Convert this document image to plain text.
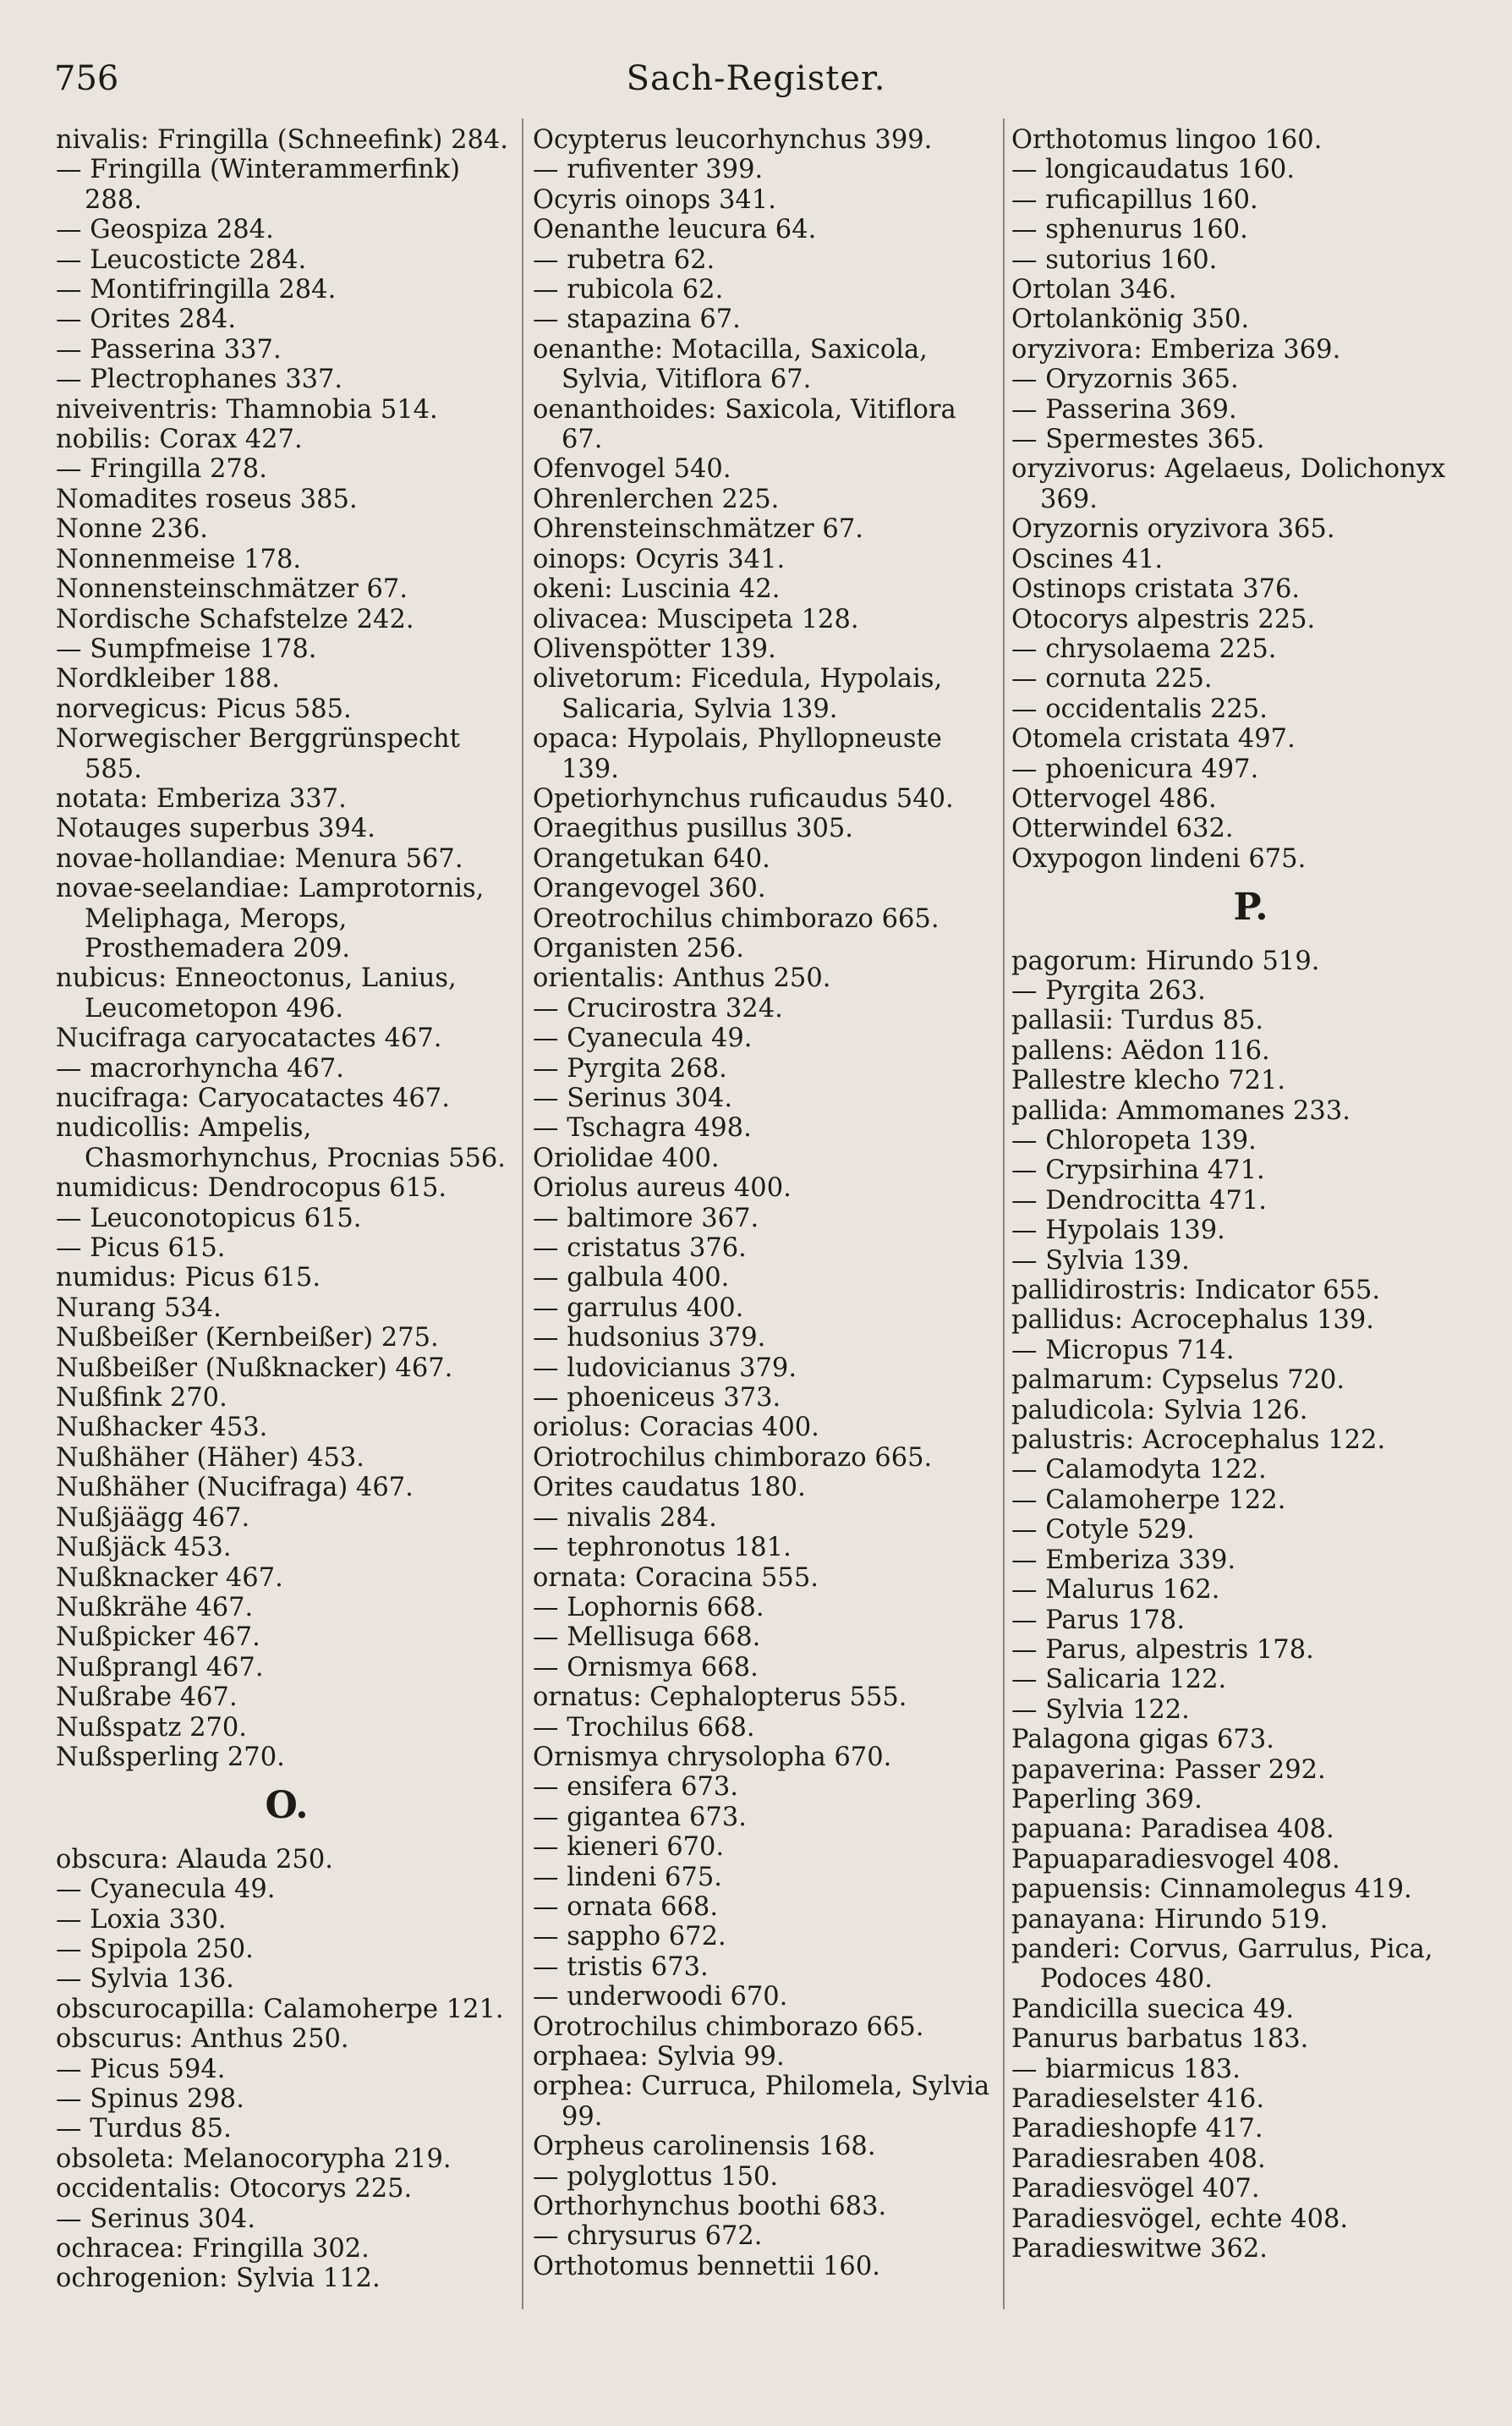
756	Sach-Register.
nivalis: Fringilla (Schneefink) 284.
— Fringilla (Winterammerfink) 288.
— Geospiza 284.
— Leucosticte 284.
— Montifringilla 284.
— Orites 284.
— Passerina 337.
— Plectrophanes 337.
niveiventris: Thamnobia 514.
nobilis: Corax 427.
— Fringilla 278.
Nomadites roseus 385.
Nonne 236.
Nonnenmeise 178.
Nonnensteinschmätzer 67.
Nordische Schafstelze 242.
— Sumpfmeise 178.
Nordkleiber 188.
norvegicus: Picus 585.
Norwegischer Berggrünspecht 585.
notata: Emberiza 337.
Notauges superbus 394.
novae-hollandiae: Menura 567.
novae-seelandiae: Lamprotornis, Meliphaga, Merops, Prosthemadera 209.
nubicus: Enneoctonus, Lanius, Leucometopon 496.
Nucifraga caryocatactes 467.
— macrorhyncha 467.
nucifraga: Caryocatactes 467.
nudicollis: Ampelis, Chasmorhynchus, Procnias 556.
numidicus: Dendrocopus 615.
— Leuconotopicus 615.
— Picus 615.
numidus: Picus 615.
Nurang 534.
Nußbeißer (Kernbeißer) 275.
Nußbeißer (Nußknacker) 467.
Nußfink 270.
Nußhacker 453.
Nußhäher (Häher) 453.
Nußhäher (Nucifraga) 467.
Nußjäägg 467.
Nußjäck 453.
Nußknacker 467.
Nußkrähe 467.
Nußpicker 467.
Nußprangl 467.
Nußrabe 467.
Nußspatz 270.
Nußsperling 270.
O.
obscura: Alauda 250.
— Cyanecula 49.
— Loxia 330.
— Spipola 250.
— Sylvia 136.
obscurocapilla: Calamoherpe 121.
obscurus: Anthus 250.
— Picus 594.
— Spinus 298.
— Turdus 85.
obsoleta: Melanocorypha 219.
occidentalis: Otocorys 225.
— Serinus 304.
ochracea: Fringilla 302.
ochrogenion: Sylvia 112.
Ocypterus leucorhynchus 399.
— rufiventer 399.
Ocyris oinops 341.
Oenanthe leucura 64.
— rubetra 62.
— rubicola 62.
— stapazina 67.
oenanthe: Motacilla, Saxicola, Sylvia, Vitiflora 67.
oenanthoides: Saxicola, Vitiflora 67.
Ofenvogel 540.
Ohrenlerchen 225.
Ohrensteinschmätzer 67.
oinops: Ocyris 341.
okeni: Luscinia 42.
olivacea: Muscipeta 128.
Olivenspötter 139.
olivetorum: Ficedula, Hypolais, Salicaria, Sylvia 139.
opaca: Hypolais, Phyllopneuste 139.
Opetiorhynchus ruficaudus 540.
Oraegithus pusillus 305.
Orangetukan 640.
Orangevogel 360.
Oreotrochilus chimborazo 665.
Organisten 256.
orientalis: Anthus 250.
— Crucirostra 324.
— Cyanecula 49.
— Pyrgita 268.
— Serinus 304.
— Tschagra 498.
Oriolidae 400.
Oriolus aureus 400.
— baltimore 367.
— cristatus 376.
— galbula 400.
— garrulus 400.
— hudsonius 379.
— ludovicianus 379.
— phoeniceus 373.
oriolus: Coracias 400.
Oriotrochilus chimborazo 665.
Orites caudatus 180.
— nivalis 284.
— tephronotus 181.
ornata: Coracina 555.
— Lophornis 668.
— Mellisuga 668.
— Ornismya 668.
ornatus: Cephalopterus 555.
— Trochilus 668.
Ornismya chrysolopha 670.
— ensifera 673.
— gigantea 673.
— kieneri 670.
— lindeni 675.
— ornata 668.
— sappho 672.
— tristis 673.
— underwoodi 670.
Orotrochilus chimborazo 665.
orphaea: Sylvia 99.
orphea: Curruca, Philomela, Sylvia 99.
Orpheus carolinensis 168.
— polyglottus 150.
Orthorhynchus boothi 683.
— chrysurus 672.
Orthotomus bennettii 160.
Orthotomus lingoo 160.
— longicaudatus 160.
— ruficapillus 160.
— sphenurus 160.
— sutorius 160.
Ortolan 346.
Ortolankönig 350.
oryzivora: Emberiza 369.
— Oryzornis 365.
— Passerina 369.
— Spermestes 365.
oryzivorus: Agelaeus, Dolichonyx 369.
Oryzornis oryzivora 365.
Oscines 41.
Ostinops cristata 376.
Otocorys alpestris 225.
— chrysolaema 225.
— cornuta 225.
— occidentalis 225.
Otomela cristata 497.
— phoenicura 497.
Ottervogel 486.
Otterwindel 632.
Oxypogon lindeni 675.
P.
pagorum: Hirundo 519.
— Pyrgita 263.
pallasii: Turdus 85.
pallens: Aëdon 116.
Pallestre klecho 721.
pallida: Ammomanes 233.
— Chloropeta 139.
— Crypsirhina 471.
— Dendrocitta 471.
— Hypolais 139.
— Sylvia 139.
pallidirostris: Indicator 655.
pallidus: Acrocephalus 139.
— Micropus 714.
palmarum: Cypselus 720.
paludicola: Sylvia 126.
palustris: Acrocephalus 122.
— Calamodyta 122.
— Calamoherpe 122.
— Cotyle 529.
— Emberiza 339.
— Malurus 162.
— Parus 178.
— Parus, alpestris 178.
— Salicaria 122.
— Sylvia 122.
Palagona gigas 673.
papaverina: Passer 292.
Paperling 369.
papuana: Paradisea 408.
Papuaparadiesvogel 408.
papuensis: Cinnamolegus 419.
panayana: Hirundo 519.
panderi: Corvus, Garrulus, Pica, Podoces 480.
Pandicilla suecica 49.
Panurus barbatus 183.
— biarmicus 183.
Paradieselster 416.
Paradieshopfe 417.
Paradiesraben 408.
Paradiesvögel 407.
Paradiesvögel, echte 408.
Paradieswitwe 362.
